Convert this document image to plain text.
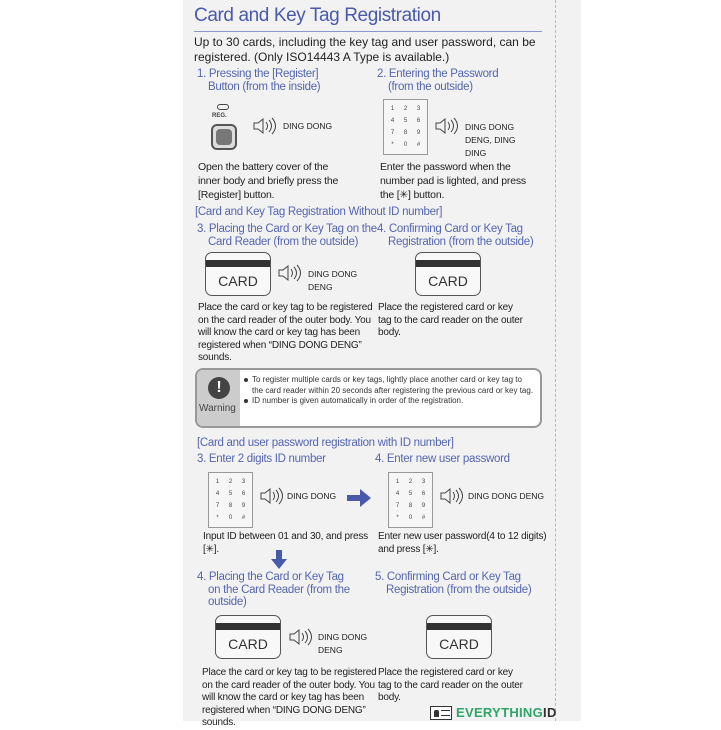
Card and Key Tag Registration
Up to 30 cards, including the key tag and user password, can be registered. (Only ISO14443 A Type is available.)
1. Pressing the [Register]
Button (from the inside)
2. Entering the Password
(from the outside)
REG.
DING DONG
1	2	3
4	5	6
7	8	9
*	0	#
DING DONG DENG, DING DING
Open the battery cover of the inner body and briefly press the [Register] button.
Enter the password when the number pad is lighted, and press the [✳] button.
[Card and Key Tag Registration Without ID number]
3. Placing the Card or Key Tag on the
Card Reader (from the outside)
4. Confirming Card or Key Tag
Registration (from the outside)
CARD	DING DONG DENG	CARD
Place the card or key tag to be registered on the card reader of the outer body. You will know the card or key tag has been registered when “DING DONG DENG” sounds.
Place the registered card or key tag to the card reader on the outer body.
!
Warning
To register multiple cards or key tags, lightly place another card or key tag to the card reader within 20 seconds after registering the previous card or key tag.
ID number is given automatically in order of the registration.
[Card and user password registration with ID number]
3. Enter 2 digits ID number	4. Enter new user password
1	2	3
4	5	6
7	8	9
*	0	#
DING DONG
1	2	3
4	5	6
7	8	9
*	0	#
DING DONG DENG
Input ID between 01 and 30, and press [✳].
Enter new user password(4 to 12 digits) and press [✳].
4. Placing the Card or Key Tag
on the Card Reader (from the
outside)
5. Confirming Card or Key Tag
Registration (from the outside)
CARD	DING DONG DENG	CARD
Place the card or key tag to be registered on the card reader of the outer body. You will know the card or key tag has been registered when “DING DONG DENG” sounds.
Place the registered card or key tag to the card reader on the outer body.
EVERYTHING ID
